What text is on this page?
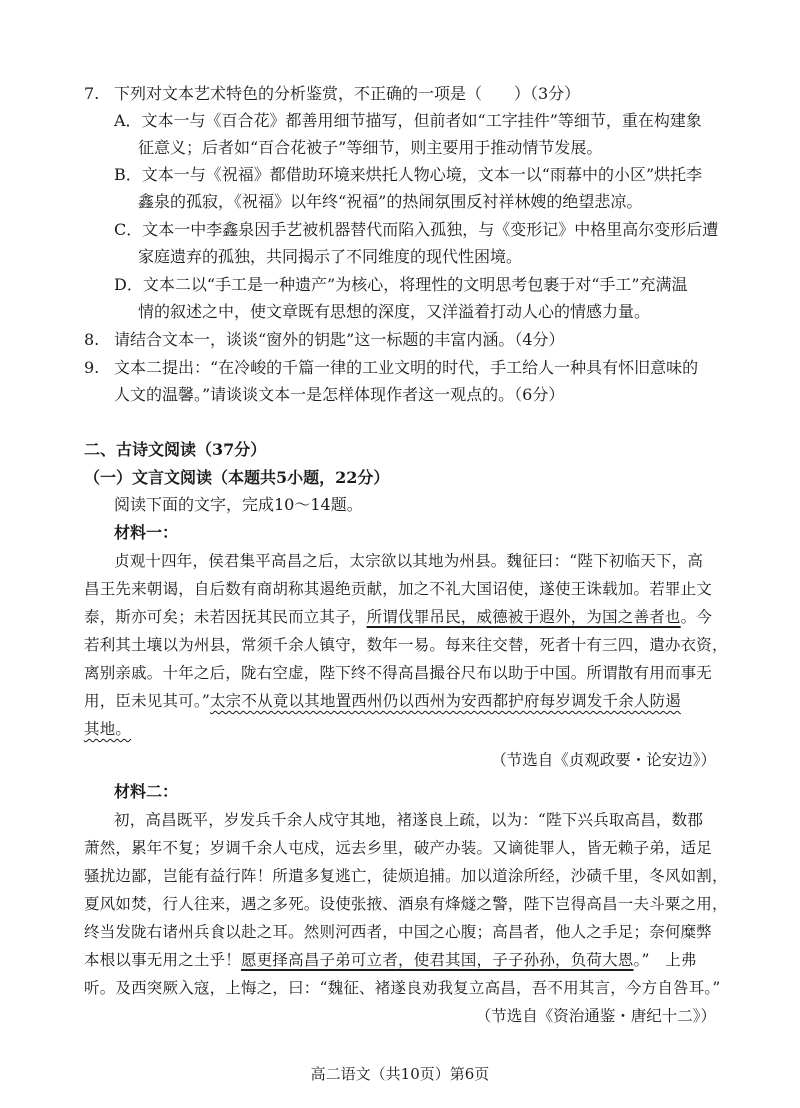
7. 下列对文本艺术特色的分析鉴赏，不正确的一项是（　　）（3分）
A．文本一与《百合花》都善用细节描写，但前者如“工字挂件”等细节，重在构建象
征意义；后者如“百合花被子”等细节，则主要用于推动情节发展。
B．文本一与《祝福》都借助环境来烘托人物心境，文本一以“雨幕中的小区”烘托李
鑫泉的孤寂，《祝福》以年终“祝福”的热闹氛围反衬祥林嫂的绝望悲凉。
C．文本一中李鑫泉因手艺被机器替代而陷入孤独，与《变形记》中格里高尔变形后遭
家庭遗弃的孤独，共同揭示了不同维度的现代性困境。
D．文本二以“手工是一种遗产”为核心，将理性的文明思考包裹于对“手工”充满温
情的叙述之中，使文章既有思想的深度，又洋溢着打动人心的情感力量。
8. 请结合文本一，谈谈“窗外的钥匙”这一标题的丰富内涵。（4分）
9. 文本二提出：“在冷峻的千篇一律的工业文明的时代，手工给人一种具有怀旧意味的
人文的温馨。”请谈谈文本一是怎样体现作者这一观点的。（6分）
二、古诗文阅读（37分）
（一）文言文阅读（本题共5小题，22分）
阅读下面的文字，完成10～14题。
材料一：
贞观十四年，侯君集平高昌之后，太宗欲以其地为州县。魏征曰：“陛下初临天下，高
昌王先来朝谒，自后数有商胡称其遏绝贡献，加之不礼大国诏使，遂使王诛载加。若罪止文
泰，斯亦可矣；未若因抚其民而立其子，所谓伐罪吊民，威德被于遐外，为国之善者也。今
若利其土壤以为州县，常须千余人镇守，数年一易。每来往交替，死者十有三四，遣办衣资，
离别亲戚。十年之后，陇右空虚，陛下终不得高昌撮谷尺布以助于中国。所谓散有用而事无
用，臣未见其可。”太宗不从竟以其地置西州仍以西州为安西都护府每岁调发千余人防遏
其地。
（节选自《贞观政要・论安边》）
材料二：
初，高昌既平，岁发兵千余人戍守其地，褚遂良上疏，以为：“陛下兴兵取高昌，数郡
萧然，累年不复；岁调千余人屯戍，远去乡里，破产办装。又谪徙罪人，皆无赖子弟，适足
骚扰边鄙，岂能有益行阵！所遣多复逃亡，徒烦追捕。加以道涂所经，沙碛千里，冬风如割，
夏风如焚，行人往来，遇之多死。设使张掖、酒泉有烽燧之警，陛下岂得高昌一夫斗粟之用，
终当发陇右诸州兵食以赴之耳。然则河西者，中国之心腹；高昌者，他人之手足；奈何糜弊
本根以事无用之土乎！愿更择高昌子弟可立者，使君其国，子子孙孙，负荷大恩。”　上弗
听。及西突厥入寇，上悔之，曰：“魏征、褚遂良劝我复立高昌，吾不用其言，今方自咎耳。”
（节选自《资治通鉴・唐纪十二》）
高二语文（共10页）第6页
